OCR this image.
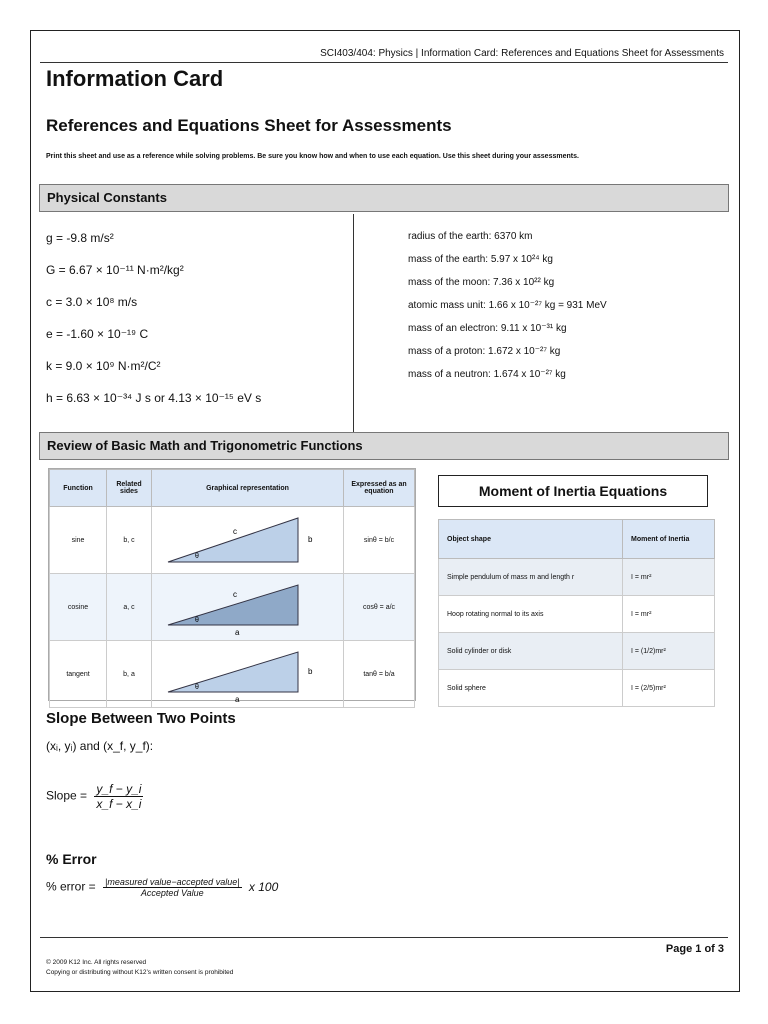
SCI403/404: Physics | Information Card: References and Equations Sheet for Assessments
Information Card
References and Equations Sheet for Assessments
Print this sheet and use as a reference while solving problems. Be sure you know how and when to use each equation. Use this sheet during your assessments.
Physical Constants
g = -9.8 m/s²
G = 6.67 × 10⁻¹¹ N·m²/kg²
c = 3.0 × 10⁸ m/s
e = -1.60 × 10⁻¹⁹ C
k = 9.0 × 10⁹ N·m²/C²
h = 6.63 × 10⁻³⁴ J s or 4.13 × 10⁻¹⁵ eV s
radius of the earth: 6370 km
mass of the earth: 5.97 x 10²⁴ kg
mass of the moon: 7.36 x 10²² kg
atomic mass unit: 1.66 x 10⁻²⁷ kg = 931 MeV
mass of an electron: 9.11 x 10⁻³¹ kg
mass of a proton: 1.672 x 10⁻²⁷ kg
mass of a neutron: 1.674 x 10⁻²⁷ kg
Review of Basic Math and Trigonometric Functions
Function	Related sides	Graphical representation	Expressed as an equation
sine	b, c	c
b
θ	sinθ = b/c
cosine	a, c	c
a
θ	cosθ = a/c
tangent	b, a	b
a
θ	tanθ = b/a
Moment of Inertia Equations
Object shape	Moment of Inertia
Simple pendulum of mass m and length r	I = mr²
Hoop rotating normal to its axis	I = mr²
Solid cylinder or disk	I = (1/2)mr²
Solid sphere	I = (2/5)mr²
Slope Between Two Points
(xᵢ, yᵢ) and (x_f, y_f):
Slope = $\frac{y\_f - y\_i}{x\_f - x\_i}$
% Error
% error = |measured value−accepted value|
Accepted Value	x 100
© 2009 K12 Inc. All rights reserved
Copying or distributing without K12’s written consent is prohibited
Page 1 of 3
